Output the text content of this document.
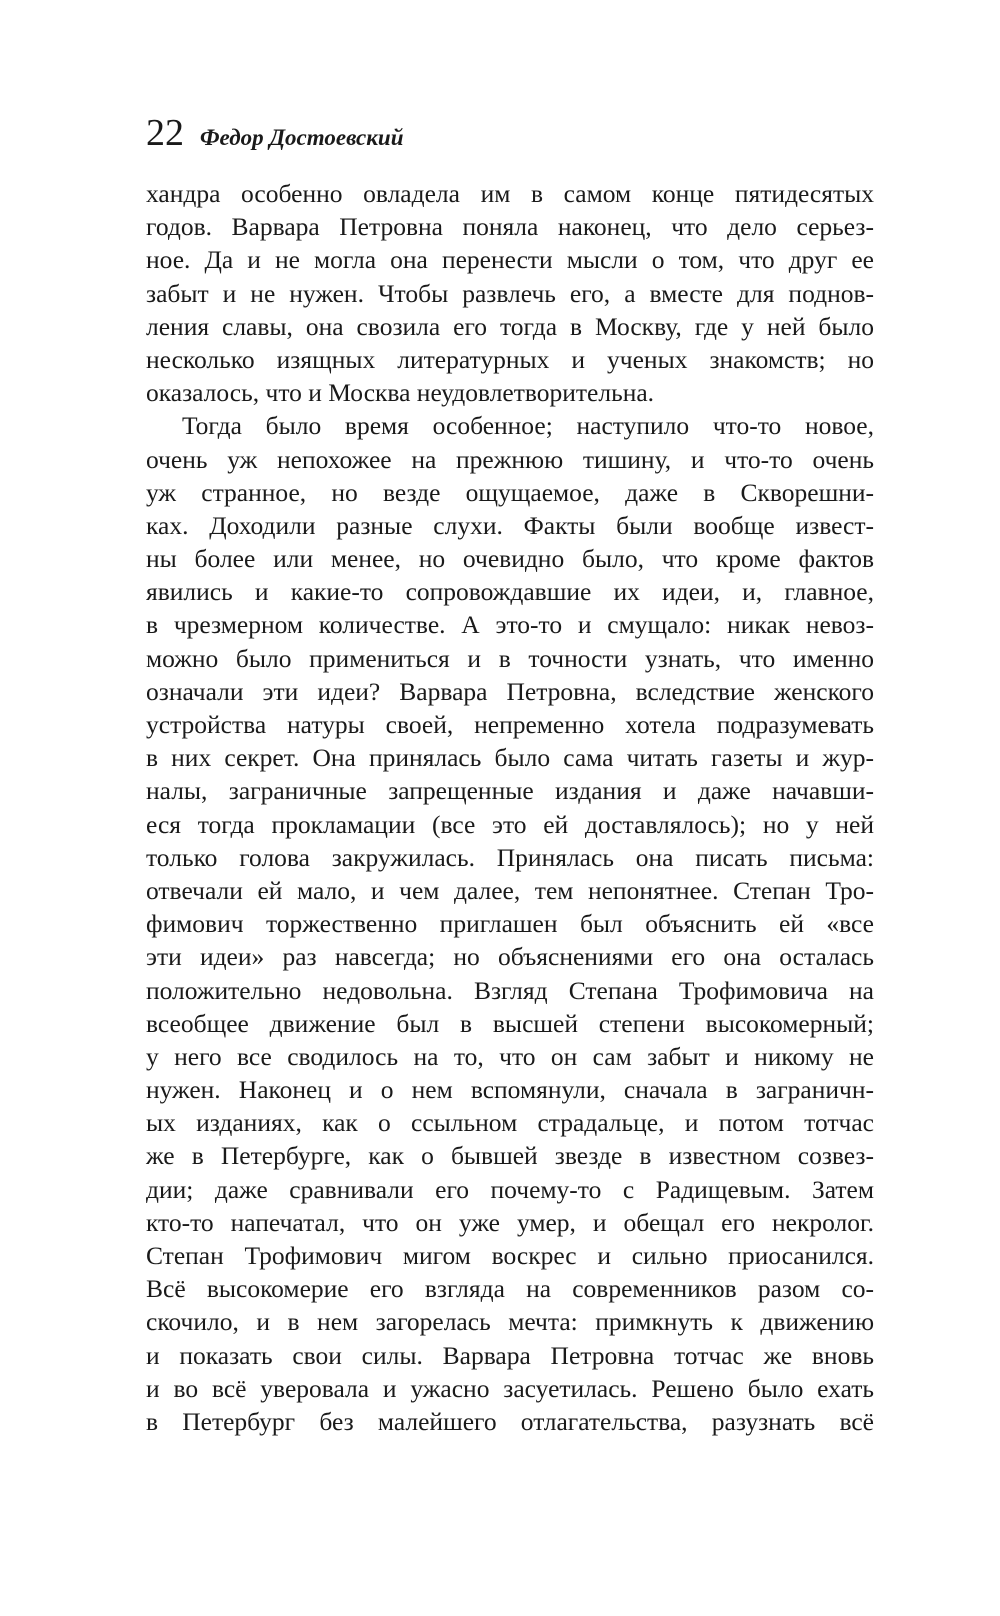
22 Федор Достоевский
хандра особенно овладела им в самом конце пятидесятых
годов. Варвара Петровна поняла наконец, что дело серьез-
ное. Да и не могла она перенести мысли о том, что друг ее
забыт и не нужен. Чтобы развлечь его, а вместе для поднов-
ления славы, она свозила его тогда в Москву, где у ней было
несколько изящных литературных и ученых знакомств; но
оказалось, что и Москва неудовлетворительна.
Тогда было время особенное; наступило что-то новое,
очень уж непохожее на прежнюю тишину, и что-то очень
уж странное, но везде ощущаемое, даже в Скворешни-
ках. Доходили разные слухи. Факты были вообще извест-
ны более или менее, но очевидно было, что кроме фактов
явились и какие-то сопровождавшие их идеи, и, главное,
в чрезмерном количестве. А это-то и смущало: никак невоз-
можно было примениться и в точности узнать, что именно
означали эти идеи? Варвара Петровна, вследствие женского
устройства натуры своей, непременно хотела подразумевать
в них секрет. Она принялась было сама читать газеты и жур-
налы, заграничные запрещенные издания и даже начавши-
еся тогда прокламации (все это ей доставлялось); но у ней
только голова закружилась. Принялась она писать письма:
отвечали ей мало, и чем далее, тем непонятнее. Степан Тро-
фимович торжественно приглашен был объяснить ей «все
эти идеи» раз навсегда; но объяснениями его она осталась
положительно недовольна. Взгляд Степана Трофимовича на
всеобщее движение был в высшей степени высокомерный;
у него все сводилось на то, что он сам забыт и никому не
нужен. Наконец и о нем вспомянули, сначала в заграничн-
ых изданиях, как о ссыльном страдальце, и потом тотчас
же в Петербурге, как о бывшей звезде в известном созвез-
дии; даже сравнивали его почему-то с Радищевым. Затем
кто-то напечатал, что он уже умер, и обещал его некролог.
Степан Трофимович мигом воскрес и сильно приосанился.
Всё высокомерие его взгляда на современников разом со-
скочило, и в нем загорелась мечта: примкнуть к движению
и показать свои силы. Варвара Петровна тотчас же вновь
и во всё уверовала и ужасно засуетилась. Решено было ехать
в Петербург без малейшего отлагательства, разузнать всё
